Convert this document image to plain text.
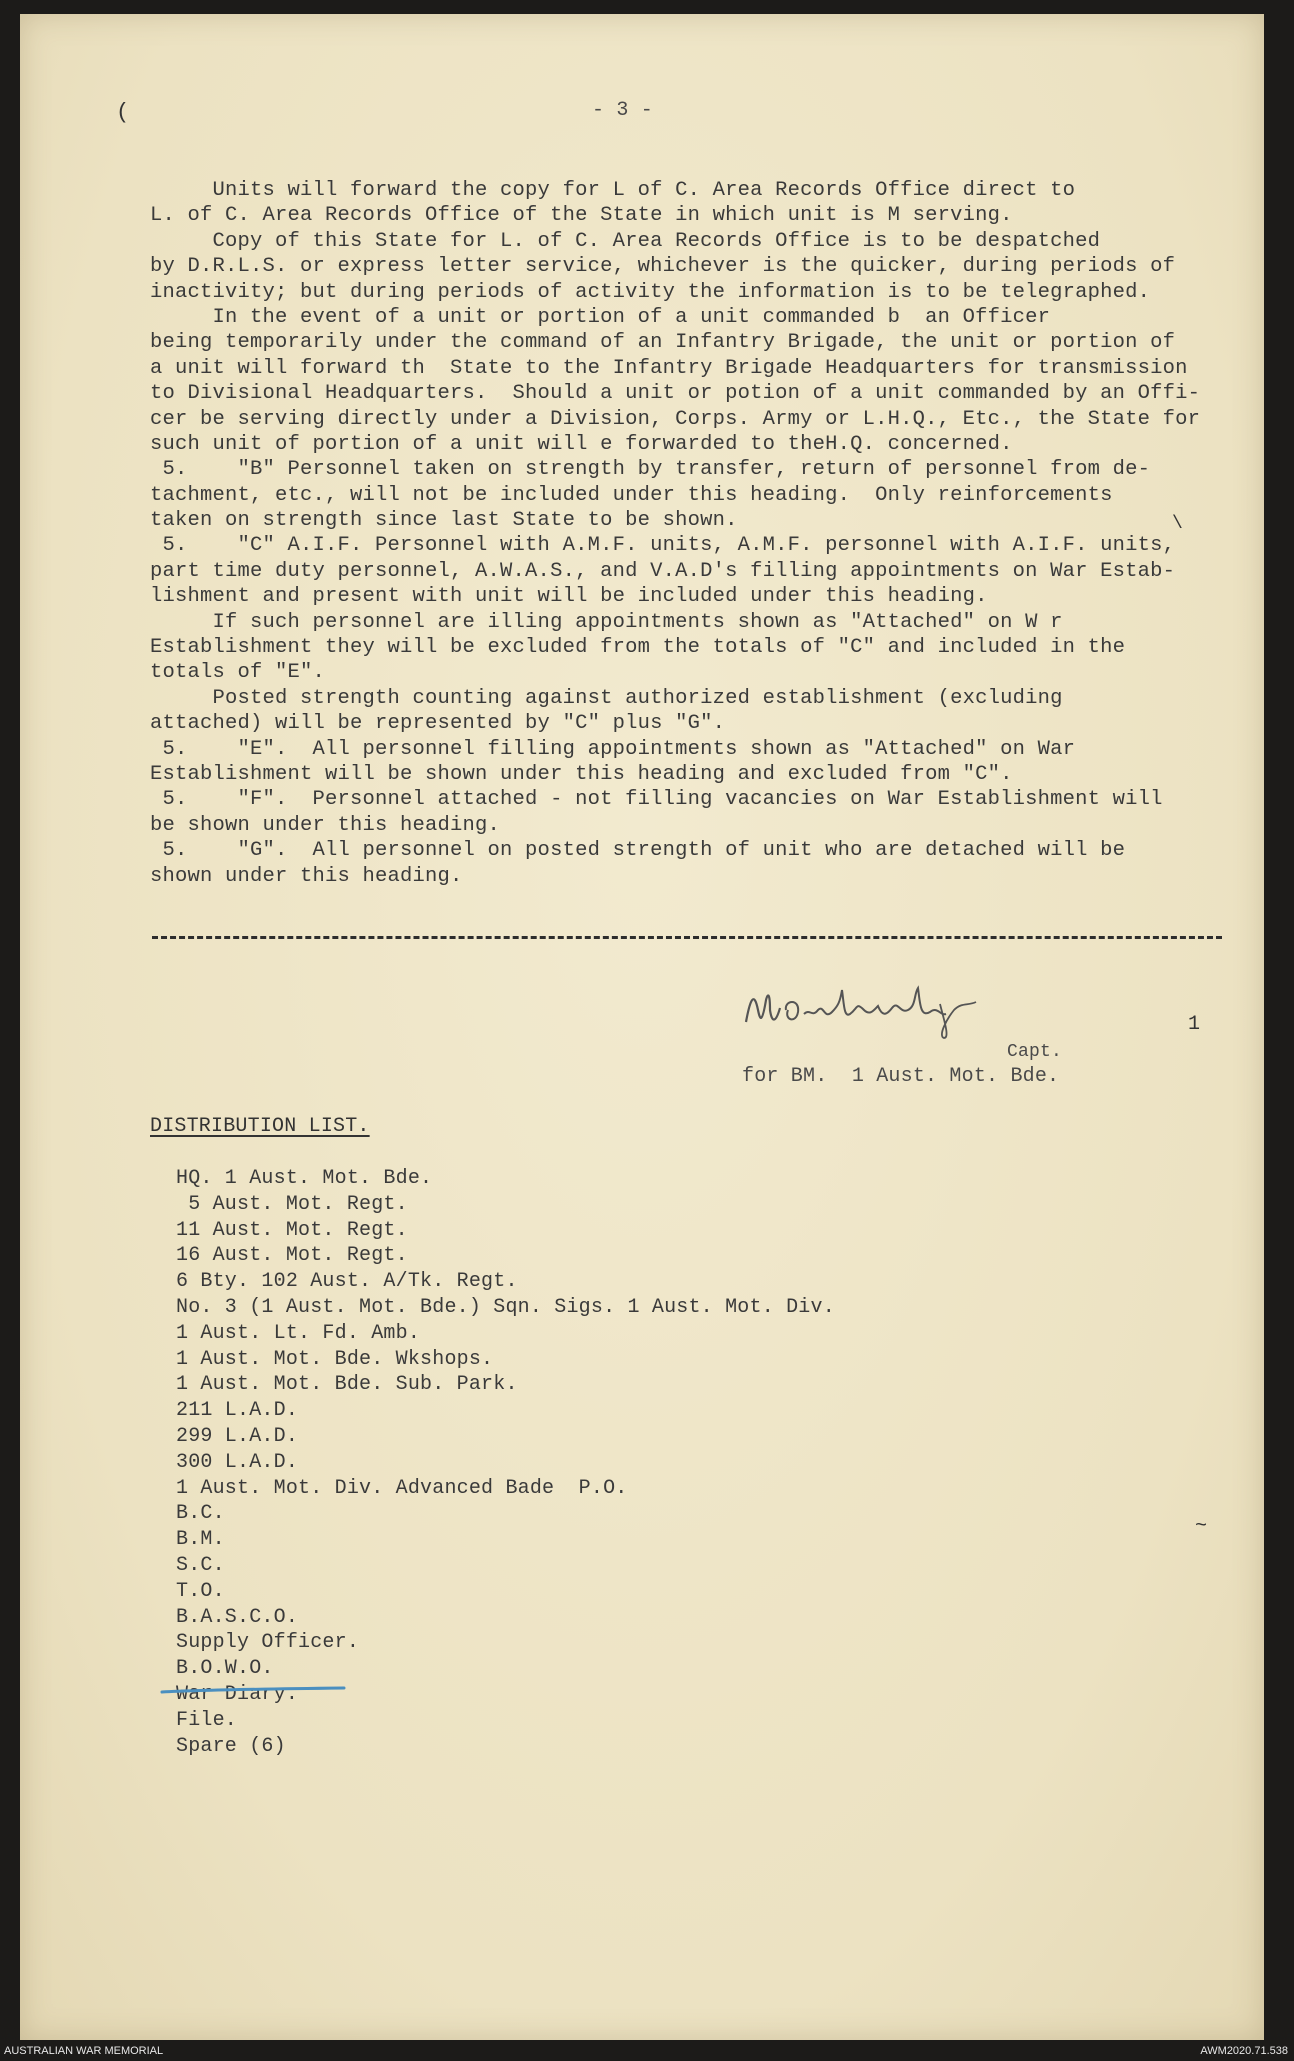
(	- 3 -
Units will forward the copy for L of C. Area Records Office direct to
L. of C. Area Records Office of the State in which unit is M serving.
Copy of this State for L. of C. Area Records Office is to be despatched
by D.R.L.S. or express letter service, whichever is the quicker, during periods of
inactivity; but during periods of activity the information is to be telegraphed.
In the event of a unit or portion of a unit commanded b  an Officer
being temporarily under the command of an Infantry Brigade, the unit or portion of
a unit will forward th  State to the Infantry Brigade Headquarters for transmission
to Divisional Headquarters.  Should a unit or potion of a unit commanded by an Offi-
cer be serving directly under a Division, Corps. Army or L.H.Q., Etc., the State for
such unit of portion of a unit will e forwarded to theH.Q. concerned.
5.    "B" Personnel taken on strength by transfer, return of personnel from de-
tachment, etc., will not be included under this heading.  Only reinforcements
taken on strength since last State to be shown.
5.    "C" A.I.F. Personnel with A.M.F. units, A.M.F. personnel with A.I.F. units,
part time duty personnel, A.W.A.S., and V.A.D's filling appointments on War Estab-
lishment and present with unit will be included under this heading.
If such personnel are illing appointments shown as "Attached" on W r
Establishment they will be excluded from the totals of "C" and included in the
totals of "E".
Posted strength counting against authorized establishment (excluding
attached) will be represented by "C" plus "G".
5.    "E".  All personnel filling appointments shown as "Attached" on War
Establishment will be shown under this heading and excluded from "C".
5.    "F".  Personnel attached - not filling vacancies on War Establishment will
be shown under this heading.
5.    "G".  All personnel on posted strength of unit who are detached will be
shown under this heading.
\
1
Capt.
for BM.  1 Aust. Mot. Bde.
DISTRIBUTION LIST.
HQ. 1 Aust. Mot. Bde.
5 Aust. Mot. Regt.
11 Aust. Mot. Regt.
16 Aust. Mot. Regt.
6 Bty. 102 Aust. A/Tk. Regt.
No. 3 (1 Aust. Mot. Bde.) Sqn. Sigs. 1 Aust. Mot. Div.
1 Aust. Lt. Fd. Amb.
1 Aust. Mot. Bde. Wkshops.
1 Aust. Mot. Bde. Sub. Park.
211 L.A.D.
299 L.A.D.
300 L.A.D.
1 Aust. Mot. Div. Advanced Bade  P.O.
B.C.
B.M.
S.C.
T.O.
B.A.S.C.O.
Supply Officer.
B.O.W.O.
War Diary.
File.
Spare (6)
~
AUSTRALIAN WAR MEMORIAL	AWM2020.71.538
